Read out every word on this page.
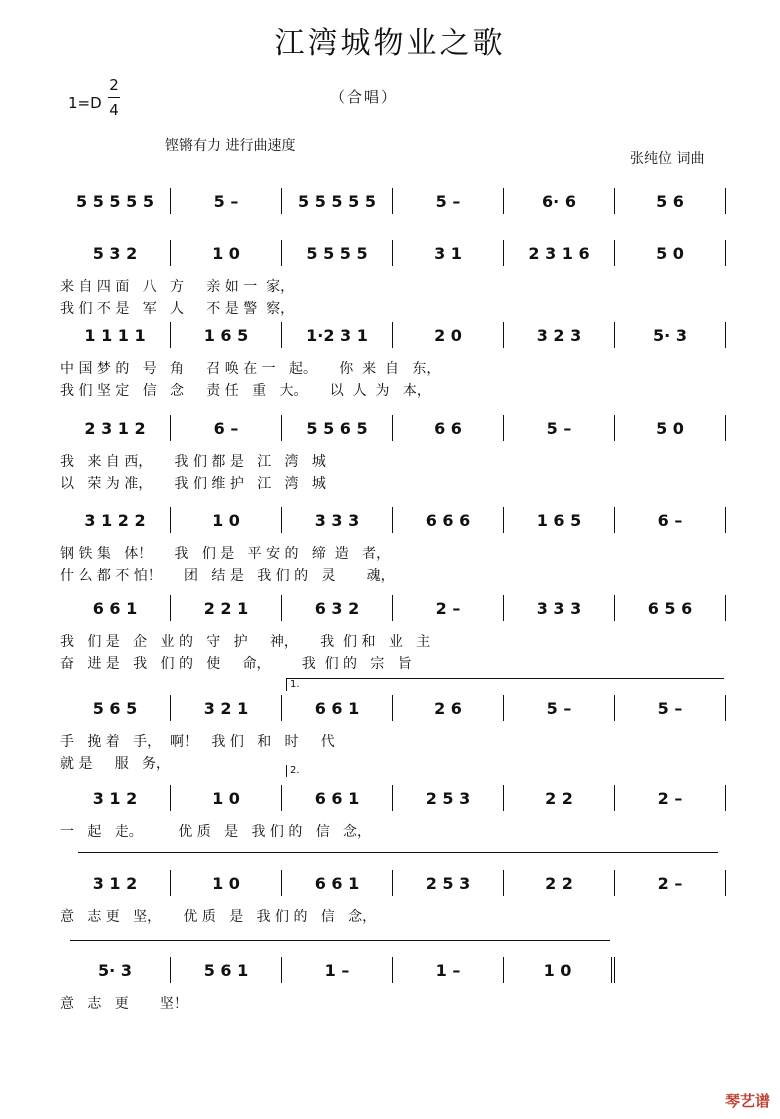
江湾城物业之歌
1=D
2
4
（合唱）
铿锵有力 进行曲速度
张纯位 词曲
5 5 5 5 5	5 –	5 5 5 5 5	5 –	6· 6	5 6
5 3 2	1 0	5 5 5 5	3 1	2 3 1 6	5 0
来 自 四 面   八   方     亲 如 一  家，
我 们 不 是   军   人     不 是 警  察，
1 1 1 1	1 6 5	1·2 3 1	2 0	3 2 3	5· 3
中 国 梦 的   号   角     召 唤 在 一   起。     你  来  自   东，
我 们 坚 定   信   念     责 任   重   大。     以  人  为   本，
2 3 1 2	6 –	5 5 6 5	6 6	5 –	5 0
我   来 自 西，     我 们 都 是   江   湾   城
以   荣 为 准，     我 们 维 护   江   湾   城
3 1 2 2	1 0	3 3 3	6 6 6	1 6 5	6 –
钢 铁 集   体！     我   们 是   平 安 的   缔  造   者，
什 么 都 不 怕！     团   结 是   我 们 的   灵       魂，
6 6 1	2 2 1	6 3 2	2 –	3 3 3	6 5 6
我   们 是   企   业 的   守   护     神，     我  们 和   业   主
奋   进 是   我   们 的   使     命，       我  们 的   宗   旨
5 6 5	3 2 1	6 6 1	2 6	5 –	5 –
手   挽 着   手，  啊！   我 们   和   时     代
就 是     服   务，
3 1 2	1 0	6 6 1	2 5 3	2 2	2 –
一   起   走。        优 质   是   我 们 的   信   念，
3 1 2	1 0	6 6 1	2 5 3	2 2	2 –
意   志 更   坚，     优 质   是   我 们 的   信   念，
5· 3	5 6 1	1 –	1 –	1 0
意   志   更       坚！
琴艺谱
1.
2.
